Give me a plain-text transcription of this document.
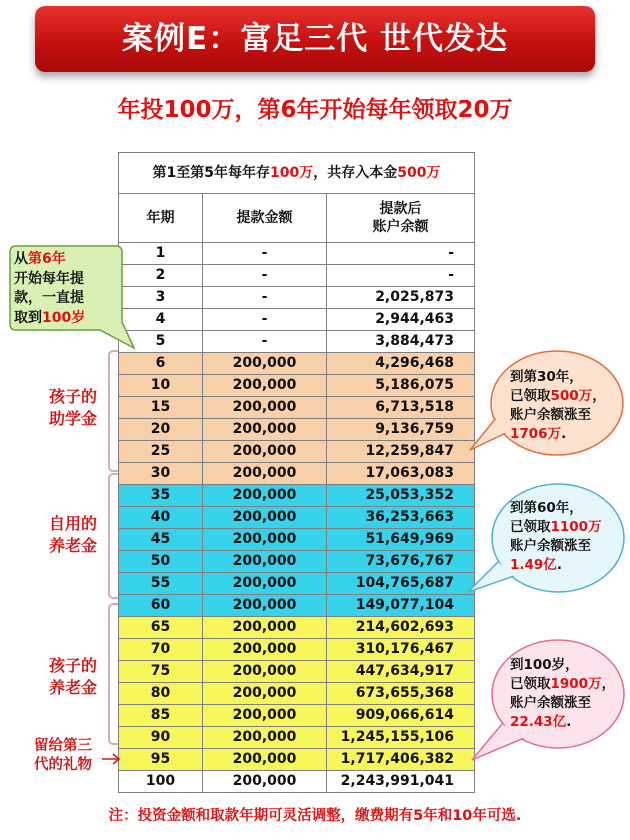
案例E：富足三代 世代发达
年投100万，第6年开始每年领取20万
第1至第5年每年存100万，共存入本金500万		
年期	提款金额	提款后
账户余额
1	-	-
2	-	-
3	-	2,025,873
4	-	2,944,463
5	-	3,884,473
6	200,000	4,296,468
10	200,000	5,186,075
15	200,000	6,713,518
20	200,000	9,136,759
25	200,000	12,259,847
30	200,000	17,063,083
35	200,000	25,053,352
40	200,000	36,253,663
45	200,000	51,649,969
50	200,000	73,676,767
55	200,000	104,765,687
60	200,000	149,077,104
65	200,000	214,602,693
70	200,000	310,176,467
75	200,000	447,634,917
80	200,000	673,655,368
85	200,000	909,066,614
90	200,000	1,245,155,106
95	200,000	1,717,406,382
100	200,000	2,243,991,041
孩子的
助学金
自用的
养老金
孩子的
养老金
留给第三
代的礼物
从第6年
开始每年提
款，一直提
取到100岁
到第30年，
已领取500万，
账户余额涨至
1706万.
到第60年，
已领取1100万
账户余额涨至
1.49亿.
到100岁，
已领取1900万，
账户余额涨至
22.43亿.
注：投资金额和取款年期可灵活调整，缴费期有5年和10年可选.
